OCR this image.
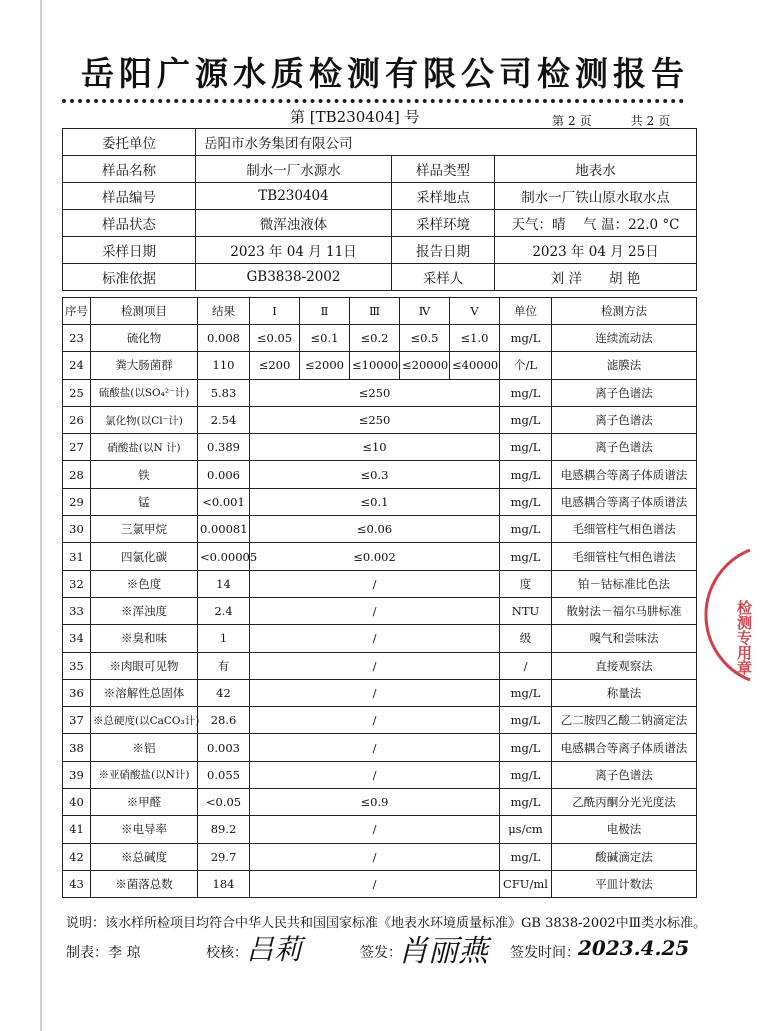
岳阳广源水质检测有限公司检测报告
第 [TB230404] 号	第 2 页	共 2 页
委托单位	岳阳市水务集团有限公司		
样品名称	制水一厂水源水	样品类型	地表水
样品编号	TB230404	采样地点	制水一厂铁山原水取水点
样品状态	微浑浊液体	采样环境	天气：晴　 气 温：22.0 °C
采样日期	2023 年 04 月 11日	报告日期	2023 年 04 月 25日
标准依据	GB3838-2002	采样人	刘 洋　　胡 艳
序号	检测项目	结果	Ⅰ	Ⅱ	Ⅲ	Ⅳ	Ⅴ	单位	检测方法
23	硫化物	0.008	≤0.05	≤0.1	≤0.2	≤0.5	≤1.0	mg/L	连续流动法
24	粪大肠菌群	110	≤200	≤2000	≤10000	≤20000	≤40000	个/L	滤膜法
25	硫酸盐(以SO₄²⁻计)	5.83	≤250					mg/L	离子色谱法
26	氯化物(以Cl⁻计)	2.54	≤250					mg/L	离子色谱法
27	硝酸盐(以N 计)	0.389	≤10					mg/L	离子色谱法
28	铁	0.006	≤0.3					mg/L	电感耦合等离子体质谱法
29	锰	<0.001	≤0.1					mg/L	电感耦合等离子体质谱法
30	三氯甲烷	0.00081	≤0.06					mg/L	毛细管柱气相色谱法
31	四氯化碳	<0.00005	≤0.002					mg/L	毛细管柱气相色谱法
32	※色度	14	/					度	铂－钴标准比色法
33	※浑浊度	2.4	/					NTU	散射法－福尔马肼标准
34	※臭和味	1	/					级	嗅气和尝味法
35	※肉眼可见物	有	/					/	直接观察法
36	※溶解性总固体	42	/					mg/L	称量法
37	※总硬度(以CaCO₃计)	28.6	/					mg/L	乙二胺四乙酸二钠滴定法
38	※铝	0.003	/					mg/L	电感耦合等离子体质谱法
39	※亚硝酸盐(以N计)	0.055	/					mg/L	离子色谱法
40	※甲醛	<0.05	≤0.9					mg/L	乙酰丙酮分光光度法
41	※电导率	89.2	/					μs/cm	电极法
42	※总碱度	29.7	/					mg/L	酸碱滴定法
43	※菌落总数	184	/					CFU/ml	平皿计数法
说明：该水样所检项目均符合中华人民共和国国家标准《地表水环境质量标准》GB 3838-2002中Ⅲ类水标准。
制表：李 琼	校核：
吕莉	签发：
肖丽燕 签发时间：
2023.4.25
检测专用章
